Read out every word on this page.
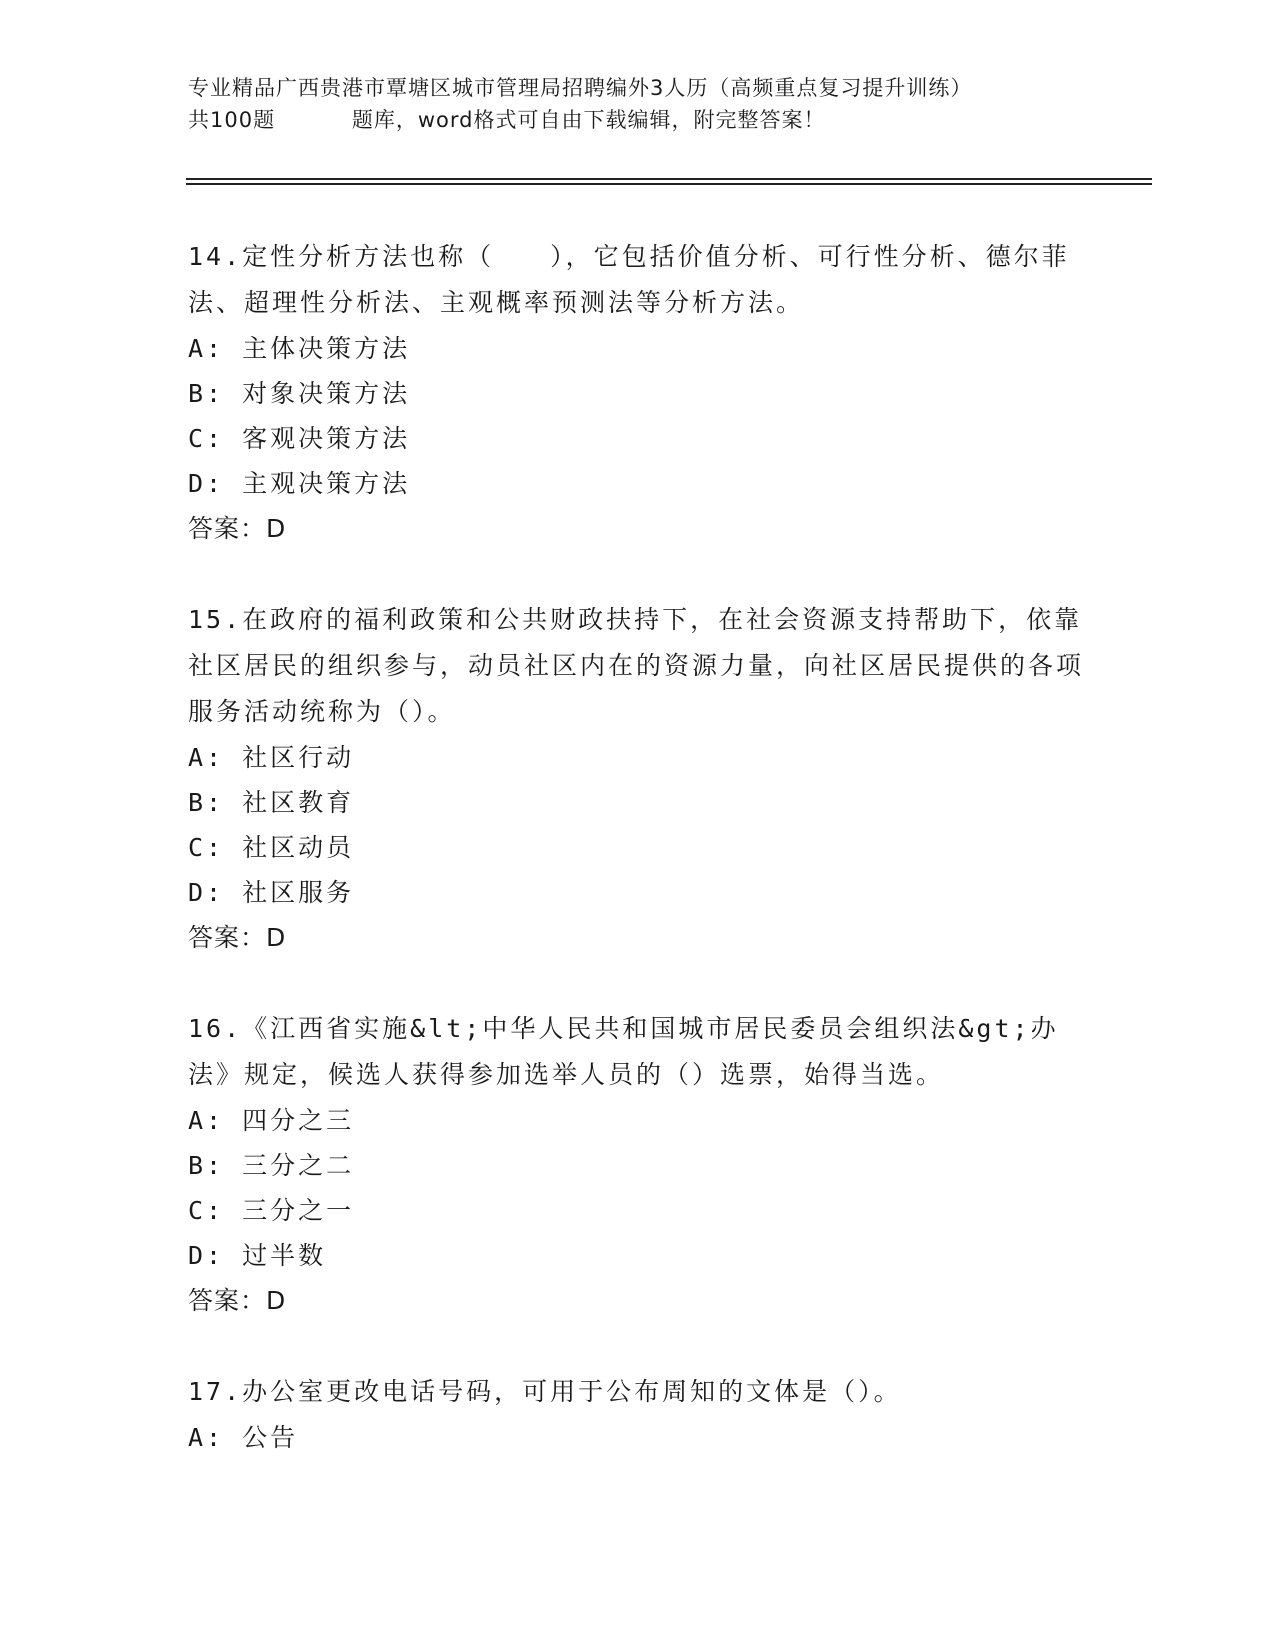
专业精品广西贵港市覃塘区城市管理局招聘编外3人历（高频重点复习提升训练）
共100题          题库，word格式可自由下载编辑，附完整答案！
14.定性分析方法也称（　　），它包括价值分析、可行性分析、德尔菲法、超理性分析法、主观概率预测法等分析方法。
A: 主体决策方法
B: 对象决策方法
C: 客观决策方法
D: 主观决策方法
答案：D
15.在政府的福利政策和公共财政扶持下，在社会资源支持帮助下，依靠社区居民的组织参与，动员社区内在的资源力量，向社区居民提供的各项服务活动统称为（）。
A: 社区行动
B: 社区教育
C: 社区动员
D: 社区服务
答案：D
16.《江西省实施&lt;中华人民共和国城市居民委员会组织法&gt;办法》规定，候选人获得参加选举人员的（）选票，始得当选。
A: 四分之三
B: 三分之二
C: 三分之一
D: 过半数
答案：D
17.办公室更改电话号码，可用于公布周知的文体是（）。
A: 公告
